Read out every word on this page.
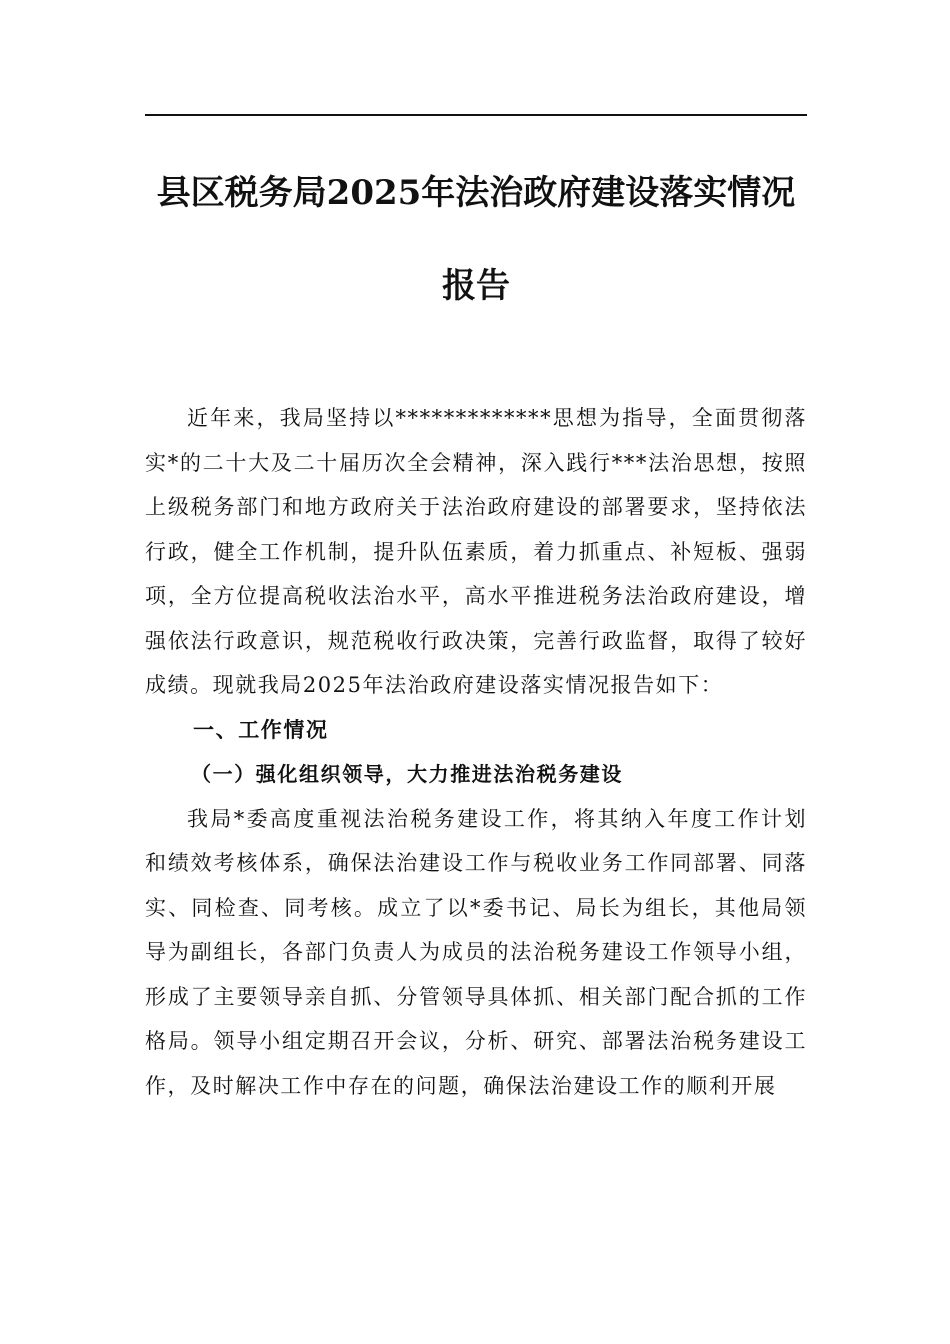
县区税务局2025年法治政府建设落实情况
报告

近年来，我局坚持以*************思想为指导，全面贯彻落实*的二十大及二十届历次全会精神，深入践行***法治思想，按照上级税务部门和地方政府关于法治政府建设的部署要求，坚持依法行政，健全工作机制，提升队伍素质，着力抓重点、补短板、强弱项，全方位提高税收法治水平，高水平推进税务法治政府建设，增强依法行政意识，规范税收行政决策，完善行政监督，取得了较好成绩。现就我局2025年法治政府建设落实情况报告如下：

一、工作情况

（一）强化组织领导，大力推进法治税务建设

我局*委高度重视法治税务建设工作，将其纳入年度工作计划和绩效考核体系，确保法治建设工作与税收业务工作同部署、同落实、同检查、同考核。成立了以*委书记、局长为组长，其他局领导为副组长，各部门负责人为成员的法治税务建设工作领导小组，形成了主要领导亲自抓、分管领导具体抓、相关部门配合抓的工作格局。领导小组定期召开会议，分析、研究、部署法治税务建设工作，及时解决工作中存在的问题，确保法治建设工作的顺利开展
